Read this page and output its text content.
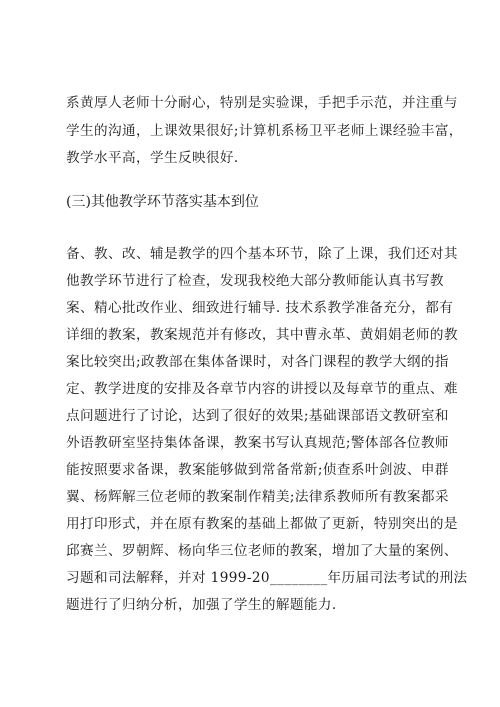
系黄厚人老师十分耐心，特别是实验课，手把手示范，并注重与
学生的沟通，上课效果很好;计算机系杨卫平老师上课经验丰富，
教学水平高，学生反映很好.
(三)其他教学环节落实基本到位
备、教、改、辅是教学的四个基本环节，除了上课，我们还对其
他教学环节进行了检查，发现我校绝大部分教师能认真书写教
案、精心批改作业、细致进行辅导. 技术系教学准备充分，都有
详细的教案，教案规范并有修改，其中曹永革、黄娟娟老师的教
案比较突出;政教部在集体备课时，对各门课程的教学大纲的指
定、教学进度的安排及各章节内容的讲授以及每章节的重点、难
点问题进行了讨论，达到了很好的效果;基础课部语文教研室和
外语教研室坚持集体备课，教案书写认真规范;警体部各位教师
能按照要求备课，教案能够做到常备常新;侦查系叶剑波、申群
翼、杨辉解三位老师的教案制作精美;法律系教师所有教案都采
用打印形式，并在原有教案的基础上都做了更新，特别突出的是
邱赛兰、罗朝辉、杨向华三位老师的教案，增加了大量的案例、
习题和司法解释，并对 1999-20________年历届司法考试的刑法
题进行了归纳分析，加强了学生的解题能力.
